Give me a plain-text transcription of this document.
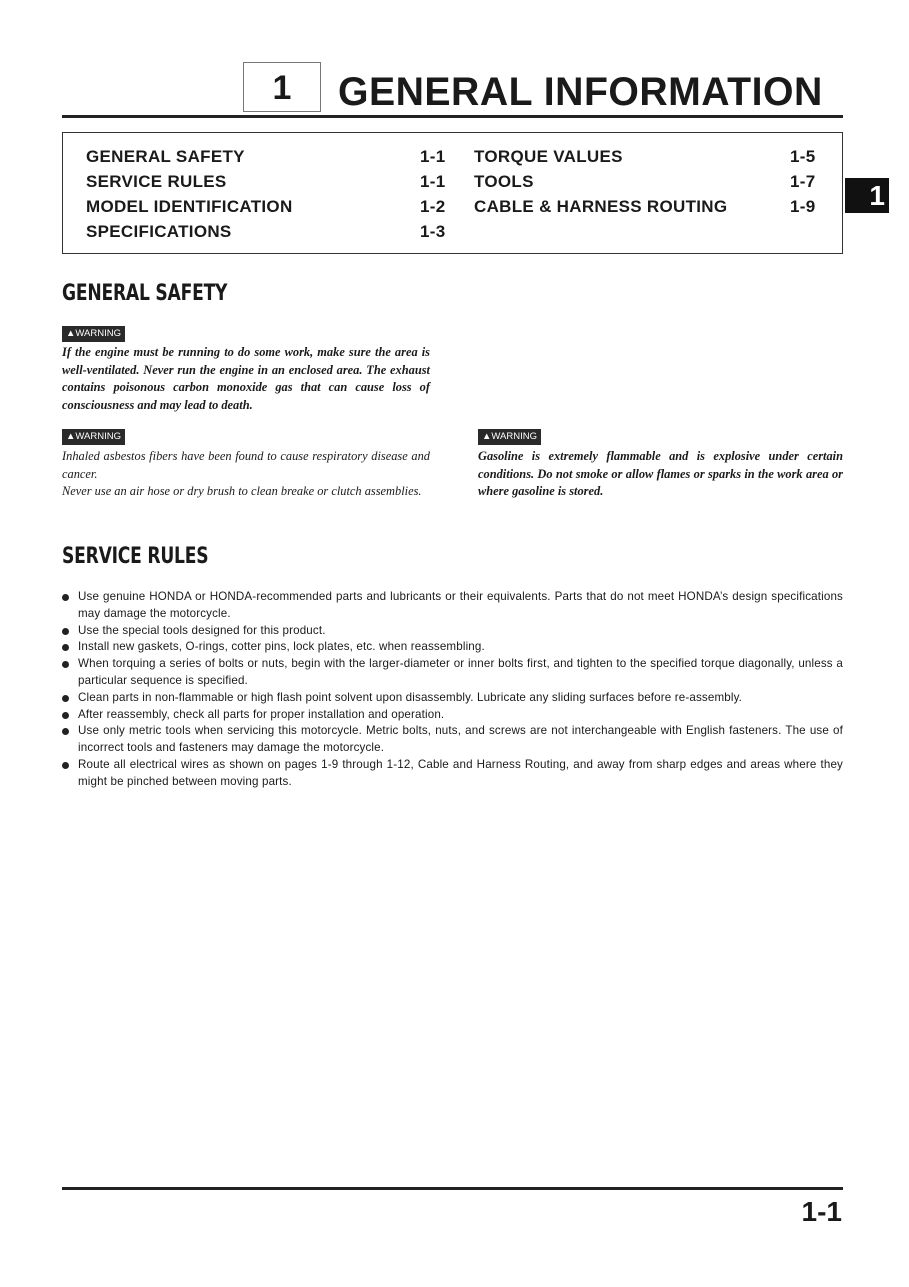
1	GENERAL INFORMATION
GENERAL SAFETY	1-1
SERVICE RULES	1-1
MODEL IDENTIFICATION	1-2
SPECIFICATIONS	1-3
TORQUE VALUES	1-5
TOOLS	1-7
CABLE & HARNESS ROUTING	1-9	1
GENERAL SAFETY
▲WARNING
If the engine must be running to do some work, make sure the area is well-ventilated. Never run the engine in an enclosed area. The exhaust contains poisonous carbon monoxide gas that can cause loss of consciousness and may lead to death.
▲WARNING
Inhaled asbestos fibers have been found to cause respiratory disease and cancer.
Never use an air hose or dry brush to clean breake or clutch assemblies.
▲WARNING
Gasoline is extremely flammable and is explosive under certain conditions. Do not smoke or allow flames or sparks in the work area or where gasoline is stored.
SERVICE RULES
Use genuine HONDA or HONDA-recommended parts and lubricants or their equivalents. Parts that do not meet HONDA’s design specifications may damage the motorcycle.
Use the special tools designed for this product.
Install new gaskets, O-rings, cotter pins, lock plates, etc. when reassembling.
When torquing a series of bolts or nuts, begin with the larger-diameter or inner bolts first, and tighten to the specified torque diagonally, unless a particular sequence is specified.
Clean parts in non-flammable or high flash point solvent upon disassembly. Lubricate any sliding surfaces before re-assembly.
After reassembly, check all parts for proper installation and operation.
Use only metric tools when servicing this motorcycle. Metric bolts, nuts, and screws are not interchangeable with English fasteners. The use of incorrect tools and fasteners may damage the motorcycle.
Route all electrical wires as shown on pages 1-9 through 1-12, Cable and Harness Routing, and away from sharp edges and areas where they might be pinched between moving parts.
1-1
